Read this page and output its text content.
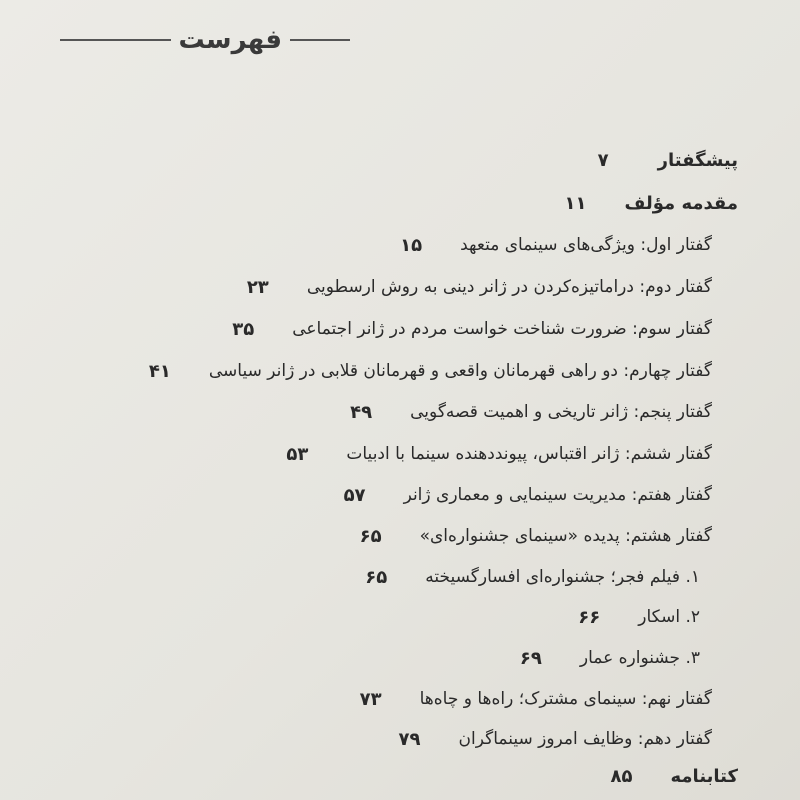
فهرست
پیشگفتار
۷
مقدمه مؤلف
۱۱
گفتار اول: ویژگی‌های سینمای متعهد
۱۵
گفتار دوم: دراماتیزه‌کردن در ژانر دینی به روش ارسطویی
۲۳
گفتار سوم: ضرورت شناخت خواست مردم در ژانر اجتماعی
۳۵
گفتار چهارم: دو راهی قهرمانان واقعی و قهرمانان قلابی در ژانر سیاسی
۴۱
گفتار پنجم: ژانر تاریخی و اهمیت قصه‌گویی
۴۹
گفتار ششم: ژانر اقتباس، پیونددهنده سینما با ادبیات
۵۳
گفتار هفتم: مدیریت سینمایی و معماری ژانر
۵۷
گفتار هشتم: پدیده «سینمای جشنواره‌ای»
۶۵
۱. فیلم فجر؛ جشنواره‌ای افسارگسیخته
۶۵
۲. اسکار
۶۶
۳. جشنواره عمار
۶۹
گفتار نهم: سینمای مشترک؛ راه‌ها و چاه‌ها
۷۳
گفتار دهم: وظایف امروز سینماگران
۷۹
کتابنامه
۸۵
